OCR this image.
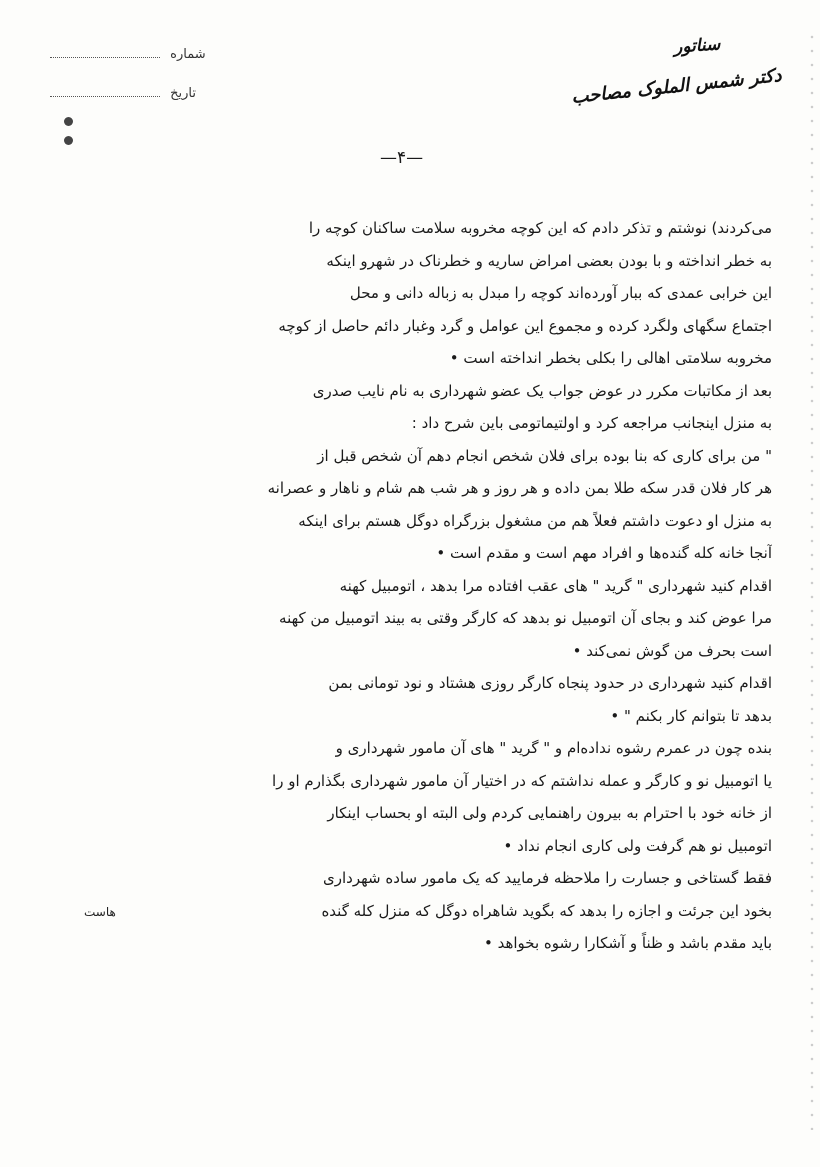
شماره
تاریخ
سناتور
دکتر شمس الملوک مصاحب
—۴—
می‌کردند) نوشتم و تذکر دادم که این کوچه مخروبه سلامت ساکنان کوچه را
به خطر انداخته و با بودن بعضی امراض ساریه و خطرناک در شهرو اینکه
این خرابی عمدی که ببار آورده‌اند کوچه را مبدل به زباله دانی و محل
اجتماع سگهای ولگرد کرده و مجموع این عوامل و گرد وغبار دائم حاصل از کوچه
مخروبه سلامتی اهالی را بکلی بخطر انداخته است •
بعد از مکاتبات مکرر در عوض جواب یک عضو شهرداری به نام نایب صدری
به منزل اینجانب مراجعه کرد و اولتیماتومی باین شرح داد :
" من برای کاری که بنا بوده برای فلان شخص انجام دهم آن شخص قبل از
هر کار فلان قدر سکه طلا بمن داده و هر روز و هر شب هم شام و ناهار و عصرانه
به منزل او دعوت داشتم فعلاً هم من مشغول بزرگراه دوگل هستم برای اینکه
آنجا خانه کله گنده‌ها و افراد مهم است و مقدم است •
اقدام کنید شهرداری " گرید " های عقب افتاده مرا بدهد ، اتومبیل کهنه
مرا عوض کند و بجای آن اتومبیل نو بدهد که کارگر وقتی به بیند اتومبیل من کهنه
است بحرف من گوش نمی‌کند •
اقدام کنید شهرداری در حدود پنجاه کارگر روزی هشتاد و نود تومانی بمن
بدهد تا بتوانم کار بکنم " •
بنده چون در عمرم رشوه نداده‌ام و " گرید " های آن مامور شهرداری و
یا اتومبیل نو و کارگر و عمله نداشتم که در اختیار آن مامور شهرداری بگذارم او را
از خانه خود با احترام به بیرون راهنمایی کردم ولی البته او بحساب اینکار
اتومبیل نو هم گرفت ولی کاری انجام نداد •
فقط گستاخی و جسارت را ملاحظه فرمایید که یک مامور ساده شهرداری
بخود این جرئت و اجازه را بدهد که بگوید شاهراه دوگل که منزل کله گنده
باید مقدم باشد و ظناً و آشکارا رشوه بخواهد •
هاست
